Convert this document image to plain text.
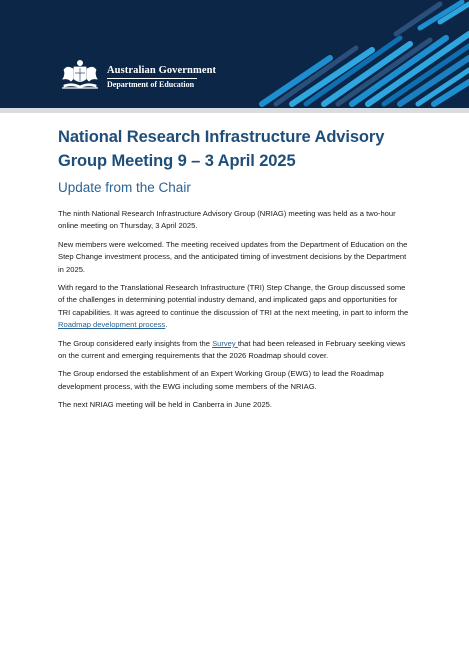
Australian Government
Department of Education
National Research Infrastructure Advisory Group Meeting 9 – 3 April 2025
Update from the Chair

The ninth National Research Infrastructure Advisory Group (NRIAG) meeting was held as a two-hour online meeting on Thursday, 3 April 2025.

New members were welcomed. The meeting received updates from the Department of Education on the Step Change investment process, and the anticipated timing of investment decisions by the Department in 2025.

With regard to the Translational Research Infrastructure (TRI) Step Change, the Group discussed some of the challenges in determining potential industry demand, and implicated gaps and opportunities for TRI capabilities. It was agreed to continue the discussion of TRI at the next meeting, in part to inform the Roadmap development process.

The Group considered early insights from the Survey that had been released in February seeking views on the current and emerging requirements that the 2026 Roadmap should cover.

The Group endorsed the establishment of an Expert Working Group (EWG) to lead the Roadmap development process, with the EWG including some members of the NRIAG.

The next NRIAG meeting will be held in Canberra in June 2025.
